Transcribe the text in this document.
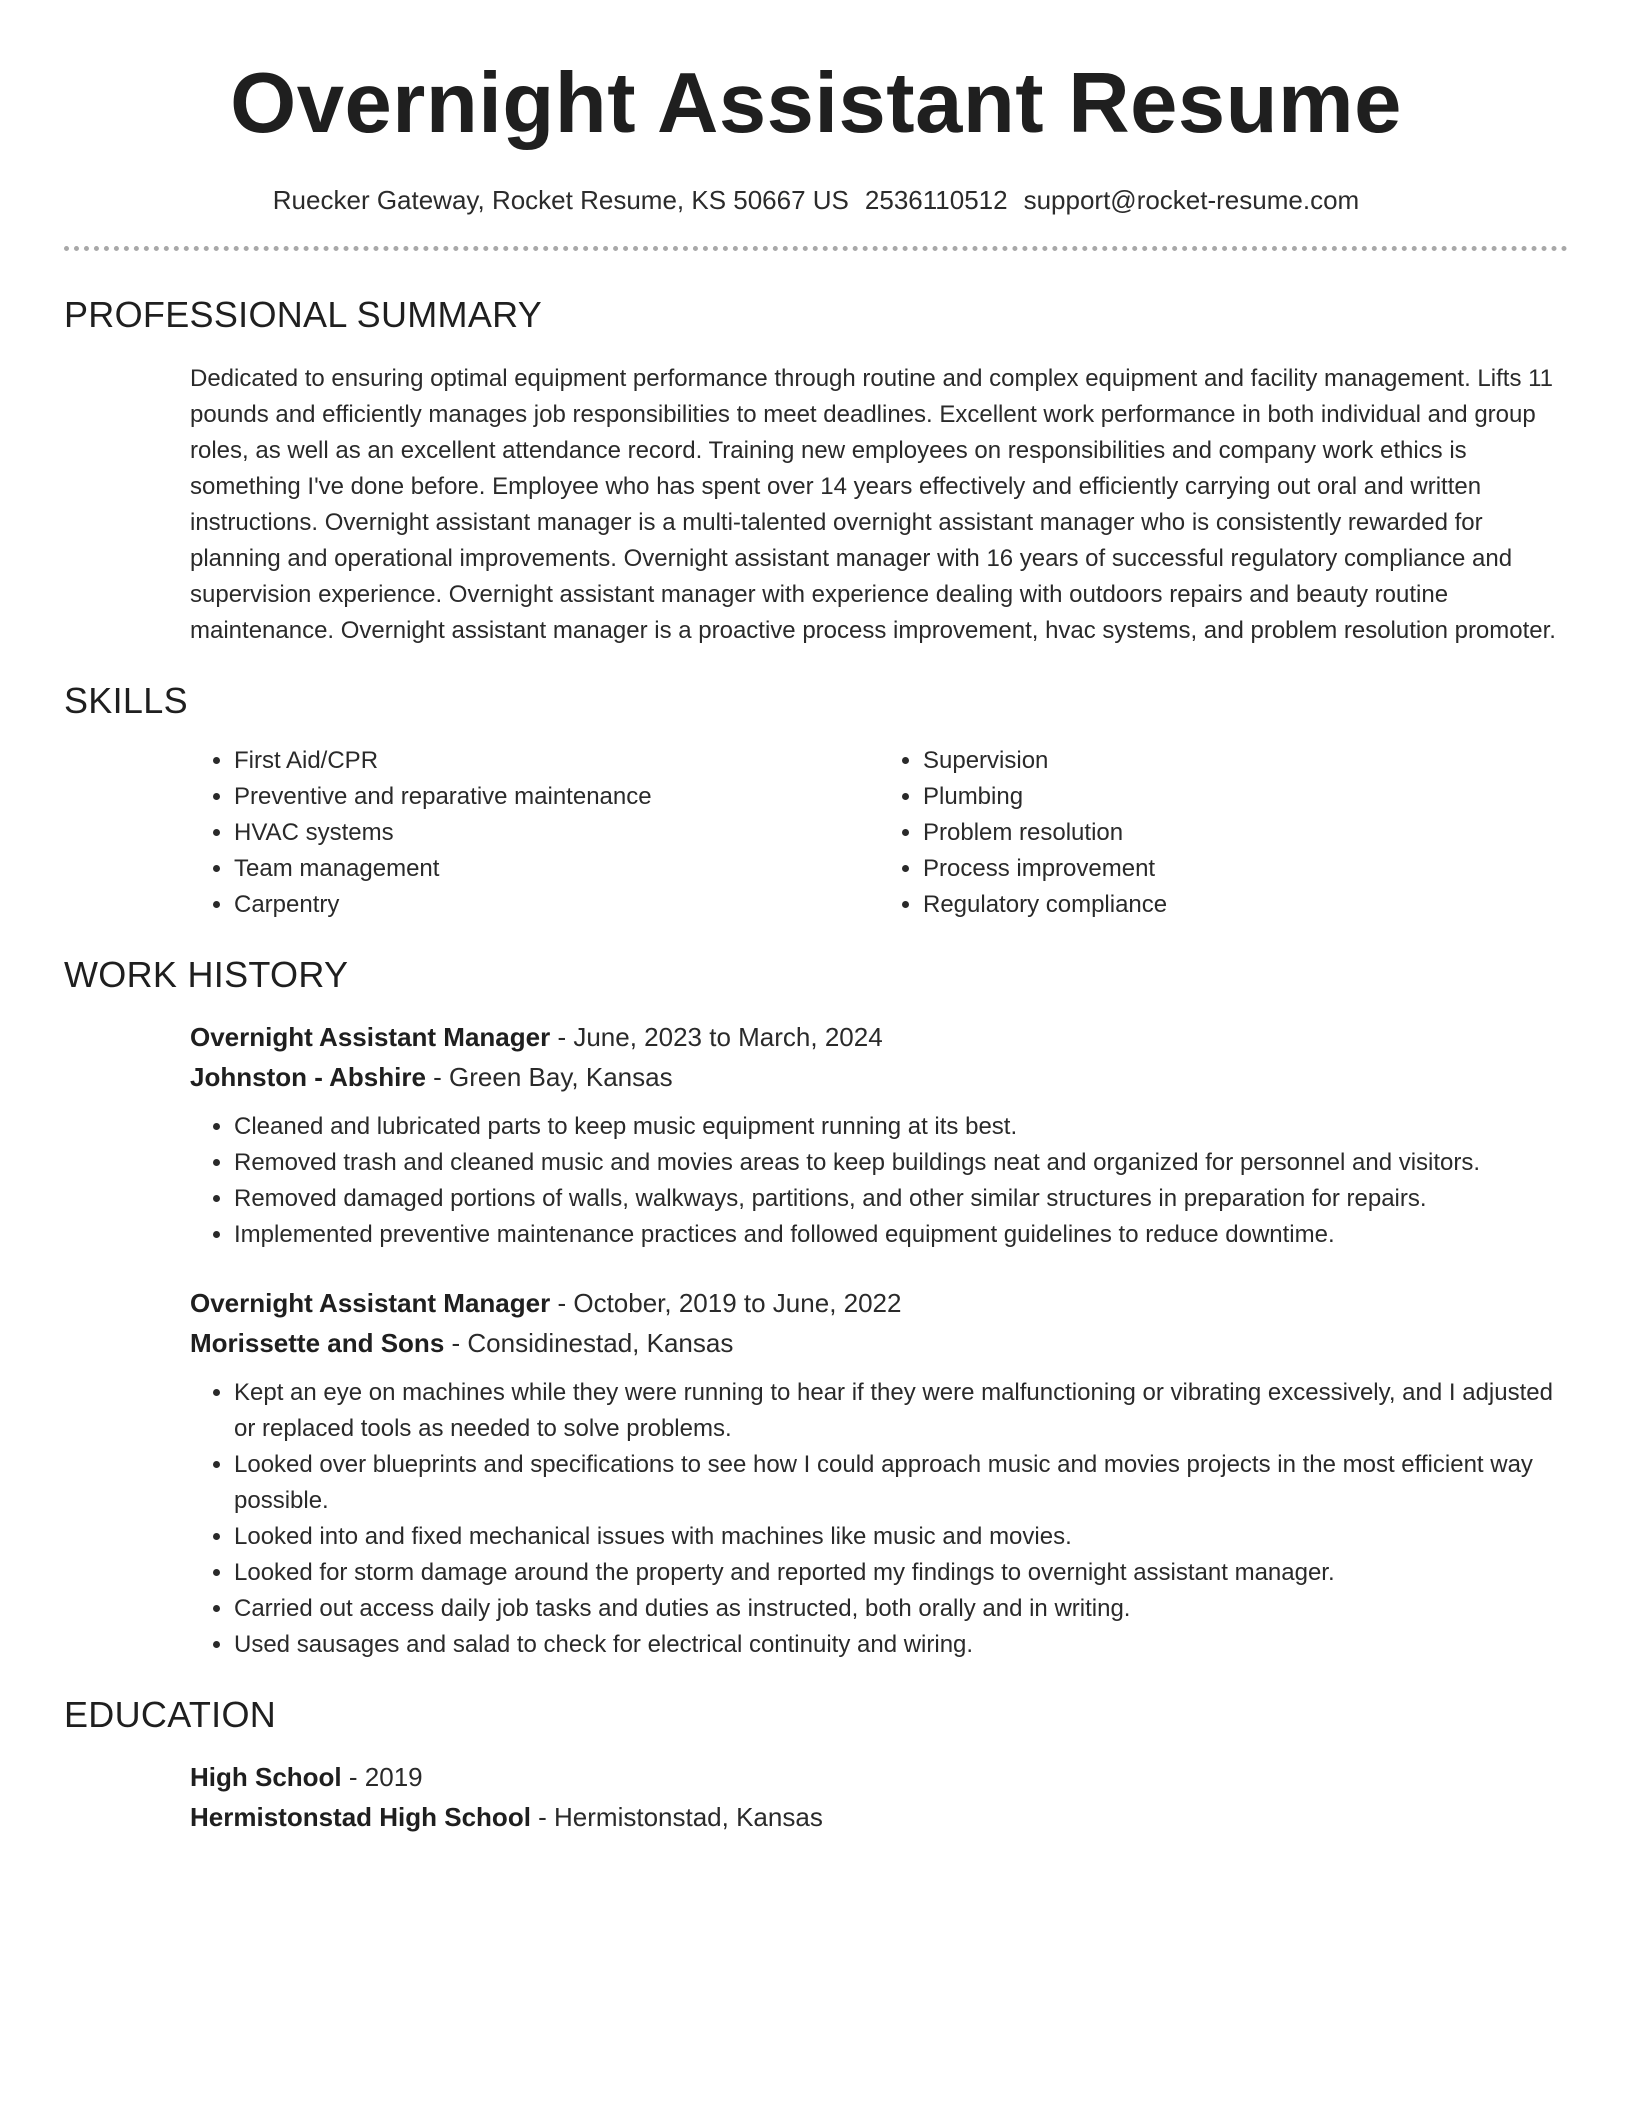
Overnight Assistant Resume
Ruecker Gateway, Rocket Resume, KS 50667 US 2536110512 support@rocket-resume.com
PROFESSIONAL SUMMARY
Dedicated to ensuring optimal equipment performance through routine and complex equipment and facility management. Lifts 11 pounds and efficiently manages job responsibilities to meet deadlines. Excellent work performance in both individual and group roles, as well as an excellent attendance record. Training new employees on responsibilities and company work ethics is something I've done before. Employee who has spent over 14 years effectively and efficiently carrying out oral and written instructions. Overnight assistant manager is a multi-talented overnight assistant manager who is consistently rewarded for planning and operational improvements. Overnight assistant manager with 16 years of successful regulatory compliance and supervision experience. Overnight assistant manager with experience dealing with outdoors repairs and beauty routine maintenance. Overnight assistant manager is a proactive process improvement, hvac systems, and problem resolution promoter.
SKILLS
• First Aid/CPR
• Preventive and reparative maintenance
• HVAC systems
• Team management
• Carpentry
• Supervision
• Plumbing
• Problem resolution
• Process improvement
• Regulatory compliance
WORK HISTORY
Overnight Assistant Manager - June, 2023 to March, 2024
Johnston - Abshire - Green Bay, Kansas
• Cleaned and lubricated parts to keep music equipment running at its best.
• Removed trash and cleaned music and movies areas to keep buildings neat and organized for personnel and visitors.
• Removed damaged portions of walls, walkways, partitions, and other similar structures in preparation for repairs.
• Implemented preventive maintenance practices and followed equipment guidelines to reduce downtime.
Overnight Assistant Manager - October, 2019 to June, 2022
Morissette and Sons - Considinestad, Kansas
• Kept an eye on machines while they were running to hear if they were malfunctioning or vibrating excessively, and I adjusted or replaced tools as needed to solve problems.
• Looked over blueprints and specifications to see how I could approach music and movies projects in the most efficient way possible.
• Looked into and fixed mechanical issues with machines like music and movies.
• Looked for storm damage around the property and reported my findings to overnight assistant manager.
• Carried out access daily job tasks and duties as instructed, both orally and in writing.
• Used sausages and salad to check for electrical continuity and wiring.
EDUCATION
High School - 2019
Hermistonstad High School - Hermistonstad, Kansas
